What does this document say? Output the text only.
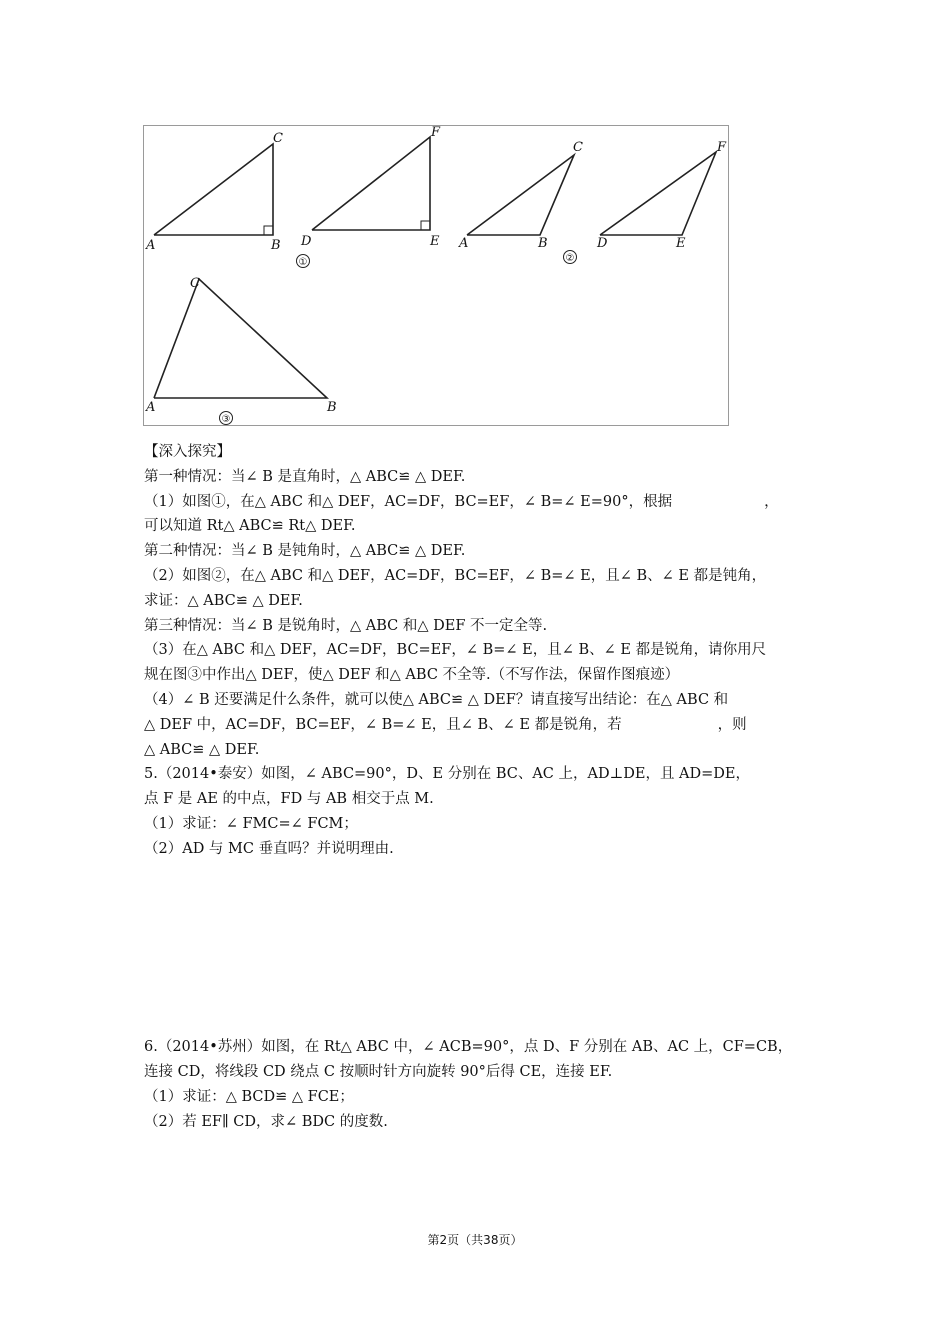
A	B
C
D	E
F
①
A	B
C
D	E
F
②
A	B
C
③
【深入探究】
第一种情况：当∠ B 是直角时，△ ABC≌ △ DEF.
（1）如图①，在△ ABC 和△ DEF，AC=DF，BC=EF，∠ B=∠ E=90°，根据	，
可以知道 Rt△ ABC≌ Rt△ DEF.
第二种情况：当∠ B 是钝角时，△ ABC≌ △ DEF.
（2）如图②，在△ ABC 和△ DEF，AC=DF，BC=EF，∠ B=∠ E，且∠ B、∠ E 都是钝角，
求证：△ ABC≌ △ DEF.
第三种情况：当∠ B 是锐角时，△ ABC 和△ DEF 不一定全等.
（3）在△ ABC 和△ DEF，AC=DF，BC=EF，∠ B=∠ E，且∠ B、∠ E 都是锐角，请你用尺
规在图③中作出△ DEF，使△ DEF 和△ ABC 不全等.（不写作法，保留作图痕迹）
（4）∠ B 还要满足什么条件，就可以使△ ABC≌ △ DEF？请直接写出结论：在△ ABC 和
△ DEF 中，AC=DF，BC=EF，∠ B=∠ E，且∠ B、∠ E 都是锐角，若	，则
△ ABC≌ △ DEF.
5.（2014•泰安）如图，∠ ABC=90°，D、E 分别在 BC、AC 上，AD⊥DE，且 AD=DE，
点 F 是 AE 的中点，FD 与 AB 相交于点 M.
（1）求证：∠ FMC=∠ FCM；
（2）AD 与 MC 垂直吗？并说明理由.
6.（2014•苏州）如图，在 Rt△ ABC 中，∠ ACB=90°，点 D、F 分别在 AB、AC 上，CF=CB，
连接 CD，将线段 CD 绕点 C 按顺时针方向旋转 90°后得 CE，连接 EF.
（1）求证：△ BCD≌ △ FCE；
（2）若 EF∥ CD，求∠ BDC 的度数.
第2页（共38页）
